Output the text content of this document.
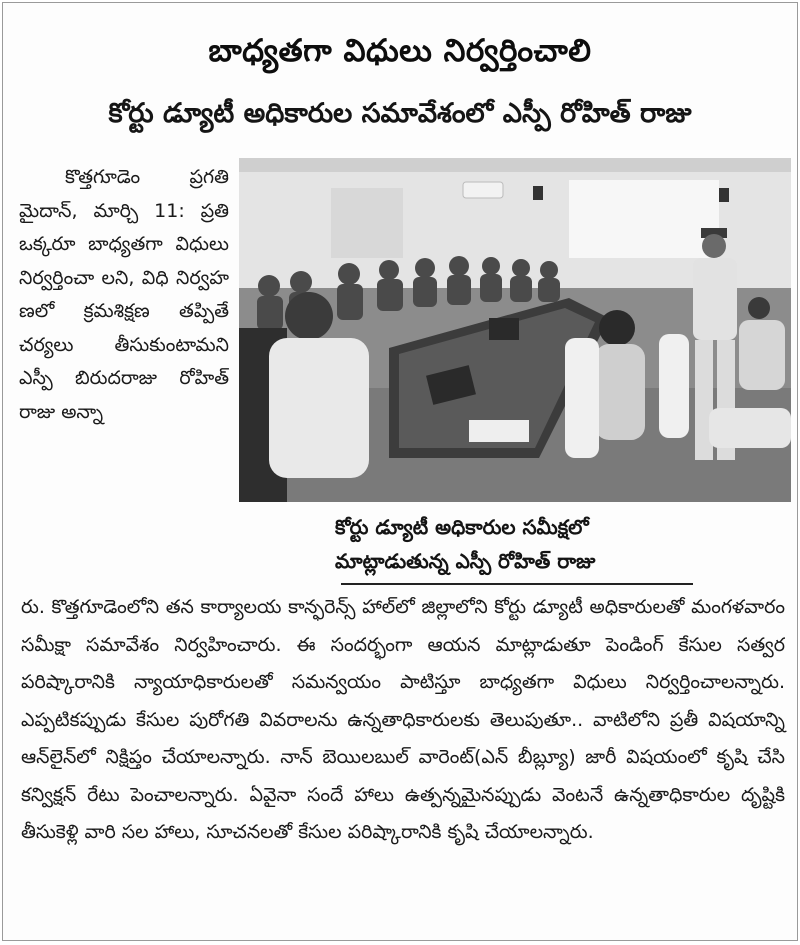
బాధ్యతగా విధులు నిర్వర్తించాలి
కోర్టు డ్యూటీ అధికారుల సమావేశంలో ఎస్పీ రోహిత్ రాజు
కొత్తగూడెం	ప్రగతి మైదాన్, మార్చి 11: ప్రతి ఒక్కరూ బాధ్యతగా విధులు నిర్వర్తించా లని, విధి నిర్వహ ణలో క్రమశిక్షణ తప్పితే చర్యలు తీసుకుంటామని ఎస్పీ బిరుదరాజు రోహిత్ రాజు అన్నా
కోర్టు డ్యూటీ అధికారుల సమీక్షలో మాట్లాడుతున్న ఎస్పీ రోహిత్ రాజు

రు. కొత్తగూడెంలోని తన కార్యాలయ కాన్ఫరెన్స్ హాల్‌లో జిల్లాలోని కోర్టు డ్యూటీ అధికారులతో మంగళవారం సమీక్షా సమావేశం నిర్వహించారు. ఈ సందర్భంగా ఆయన మాట్లాడుతూ పెండింగ్ కేసుల సత్వర పరిష్కారానికి న్యాయాధికారులతో సమన్వయం పాటిస్తూ బాధ్యతగా విధులు నిర్వర్తించాలన్నారు. ఎప్పటికప్పుడు కేసుల పురోగతి వివరాలను ఉన్నతాధికారులకు తెలుపుతూ.. వాటిలోని ప్రతీ విషయాన్ని ఆన్‌లైన్‌లో నిక్షిప్తం చేయాలన్నారు. నాన్ బెయిలబుల్ వారెంట్(ఎన్ బీబ్ల్యూ) జారీ విషయంలో కృషి చేసి కన్విక్షన్ రేటు పెంచాలన్నారు. ఏవైనా సందే హాలు ఉత్పన్నమైనప్పుడు వెంటనే ఉన్నతాధికారుల దృష్టికి తీసుకెళ్లి వారి సల హాలు, సూచనలతో కేసుల పరిష్కారానికి కృషి చేయాలన్నారు.
